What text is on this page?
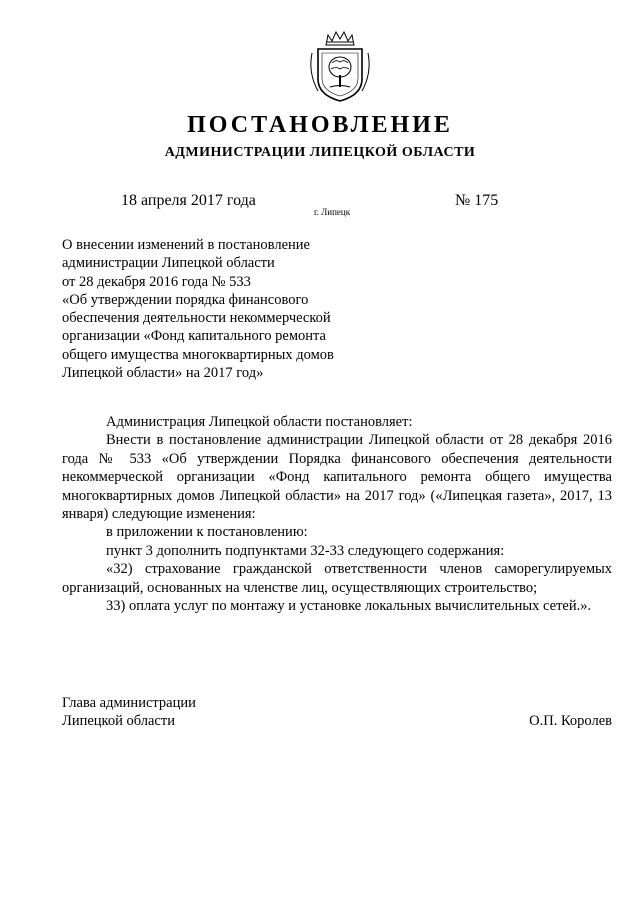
ПОСТАНОВЛЕНИЕ
АДМИНИСТРАЦИИ ЛИПЕЦКОЙ ОБЛАСТИ
18 апреля 2017 года
г. Липецк
№ 175
О внесении изменений в постановление
администрации Липецкой области
от 28 декабря 2016 года № 533
«Об утверждении порядка финансового
обеспечения деятельности некоммерческой
организации «Фонд капитального ремонта
общего имущества многоквартирных домов
Липецкой области» на 2017 год»

Администрация Липецкой области постановляет:

Внести в постановление администрации Липецкой области от 28 декабря 2016 года № 533 «Об утверждении Порядка финансового обеспечения деятельности некоммерческой организации «Фонд капитального ремонта общего имущества многоквартирных домов Липецкой области» на 2017 год» («Липецкая газета», 2017, 13 января) следующие изменения:

в приложении к постановлению:

пункт 3 дополнить подпунктами 32-33 следующего содержания:

«32) страхование гражданской ответственности членов саморегулируемых организаций, основанных на членстве лиц, осуществляющих строительство;

33) оплата услуг по монтажу и установке локальных вычислительных сетей.».

Глава администрации
Липецкой области	О.П. Королев
